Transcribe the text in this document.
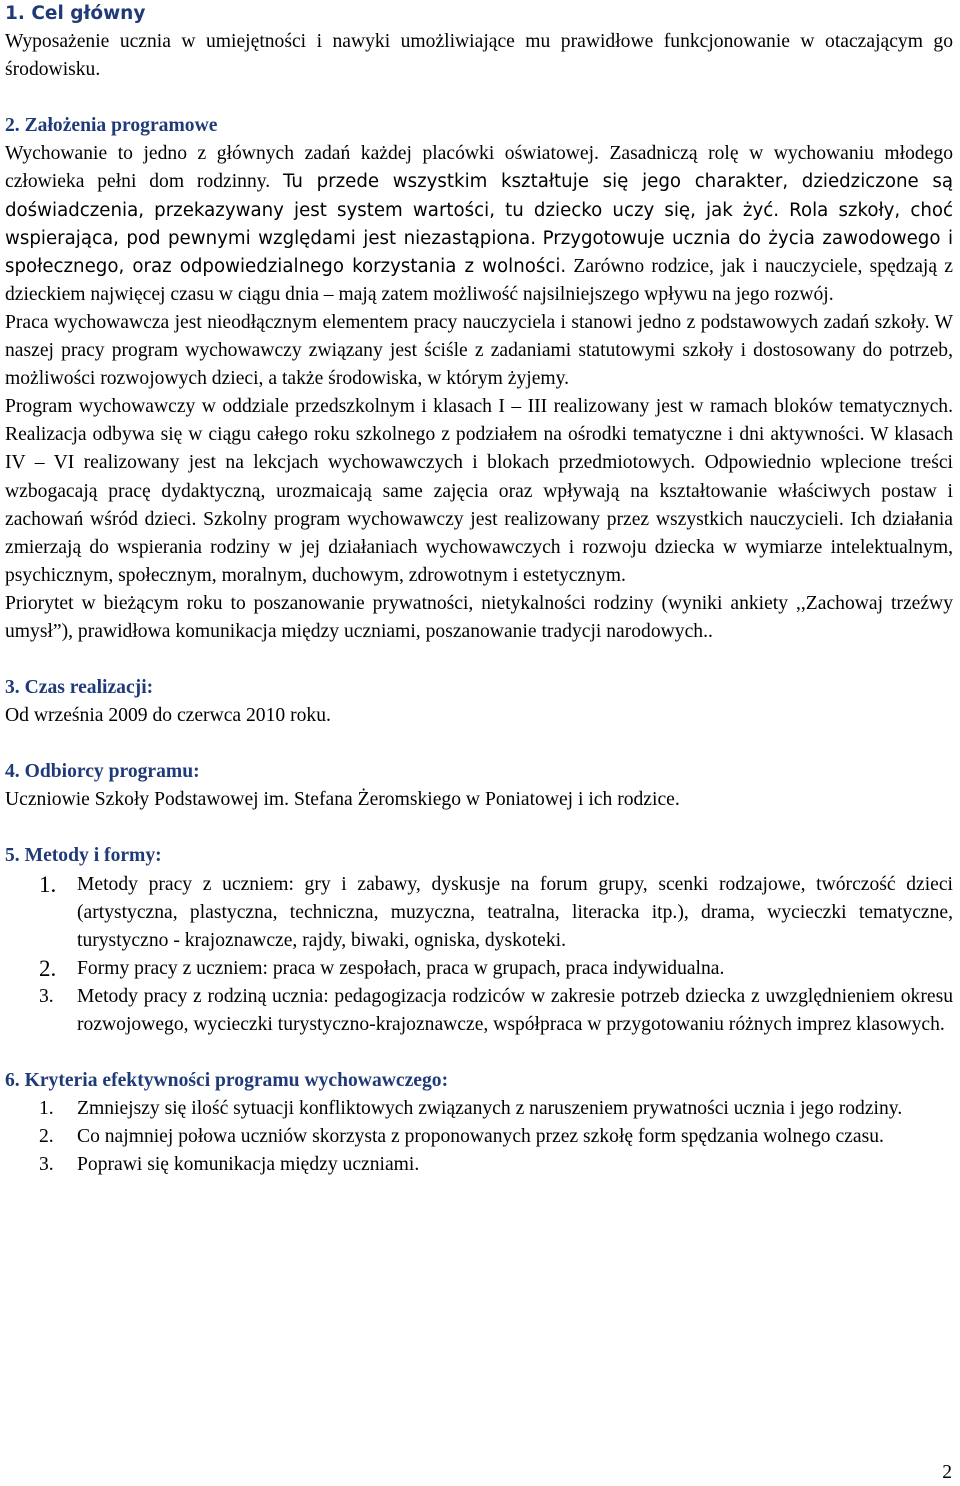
1. Cel główny

Wyposażenie ucznia w umiejętności i nawyki umożliwiające mu prawidłowe funkcjonowanie w otaczającym go środowisku.

2. Założenia programowe

Wychowanie to jedno z głównych zadań każdej placówki oświatowej. Zasadniczą rolę w wychowaniu młodego człowieka pełni dom rodzinny. Tu przede wszystkim kształtuje się jego charakter, dziedziczone są doświadczenia, przekazywany jest system wartości, tu dziecko uczy się, jak żyć. Rola szkoły, choć wspierająca, pod pewnymi względami jest niezastąpiona. Przygotowuje ucznia do życia zawodowego i społecznego, oraz odpowiedzialnego korzystania z wolności. Zarówno rodzice, jak i nauczyciele, spędzają z dzieckiem najwięcej czasu w ciągu dnia – mają zatem możliwość najsilniejszego wpływu na jego rozwój.

Praca wychowawcza jest nieodłącznym elementem pracy nauczyciela i stanowi jedno z podstawowych zadań szkoły. W naszej pracy program wychowawczy związany jest ściśle z zadaniami statutowymi szkoły i dostosowany do potrzeb, możliwości rozwojowych dzieci, a także środowiska, w którym żyjemy.

Program wychowawczy w oddziale przedszkolnym i klasach I – III realizowany jest w ramach bloków tematycznych. Realizacja odbywa się w ciągu całego roku szkolnego z podziałem na ośrodki tematyczne i dni aktywności. W klasach IV – VI realizowany jest na lekcjach wychowawczych i blokach przedmiotowych. Odpowiednio wplecione treści wzbogacają pracę dydaktyczną, urozmaicają same zajęcia oraz wpływają na kształtowanie właściwych postaw i zachowań wśród dzieci. Szkolny program wychowawczy jest realizowany przez wszystkich nauczycieli. Ich działania zmierzają do wspierania rodziny w jej działaniach wychowawczych i rozwoju dziecka w wymiarze intelektualnym, psychicznym, społecznym, moralnym, duchowym, zdrowotnym i estetycznym.

Priorytet w bieżącym roku to poszanowanie prywatności, nietykalności rodziny (wyniki ankiety ,,Zachowaj trzeźwy umysł”), prawidłowa komunikacja między uczniami, poszanowanie tradycji narodowych..

3. Czas realizacji:

Od września 2009 do czerwca 2010 roku.

4. Odbiorcy programu:

Uczniowie Szkoły Podstawowej im. Stefana Żeromskiego w Poniatowej i ich rodzice.

5. Metody i formy:

1. Metody pracy z uczniem: gry i zabawy, dyskusje na forum grupy, scenki rodzajowe, twórczość dzieci (artystyczna, plastyczna, techniczna, muzyczna, teatralna, literacka itp.), drama, wycieczki tematyczne, turystyczno - krajoznawcze, rajdy, biwaki, ogniska, dyskoteki.
2. Formy pracy z uczniem: praca w zespołach, praca w grupach, praca indywidualna.
3. Metody pracy z rodziną ucznia: pedagogizacja rodziców w zakresie potrzeb dziecka z uwzględnieniem okresu rozwojowego, wycieczki turystyczno-krajoznawcze, współpraca w przygotowaniu różnych imprez klasowych.

6. Kryteria efektywności programu wychowawczego:

1. Zmniejszy się ilość sytuacji konfliktowych związanych z naruszeniem prywatności ucznia i jego rodziny.
2. Co najmniej połowa uczniów skorzysta z proponowanych przez szkołę form spędzania wolnego czasu.
3. Poprawi się komunikacja między uczniami.
2
